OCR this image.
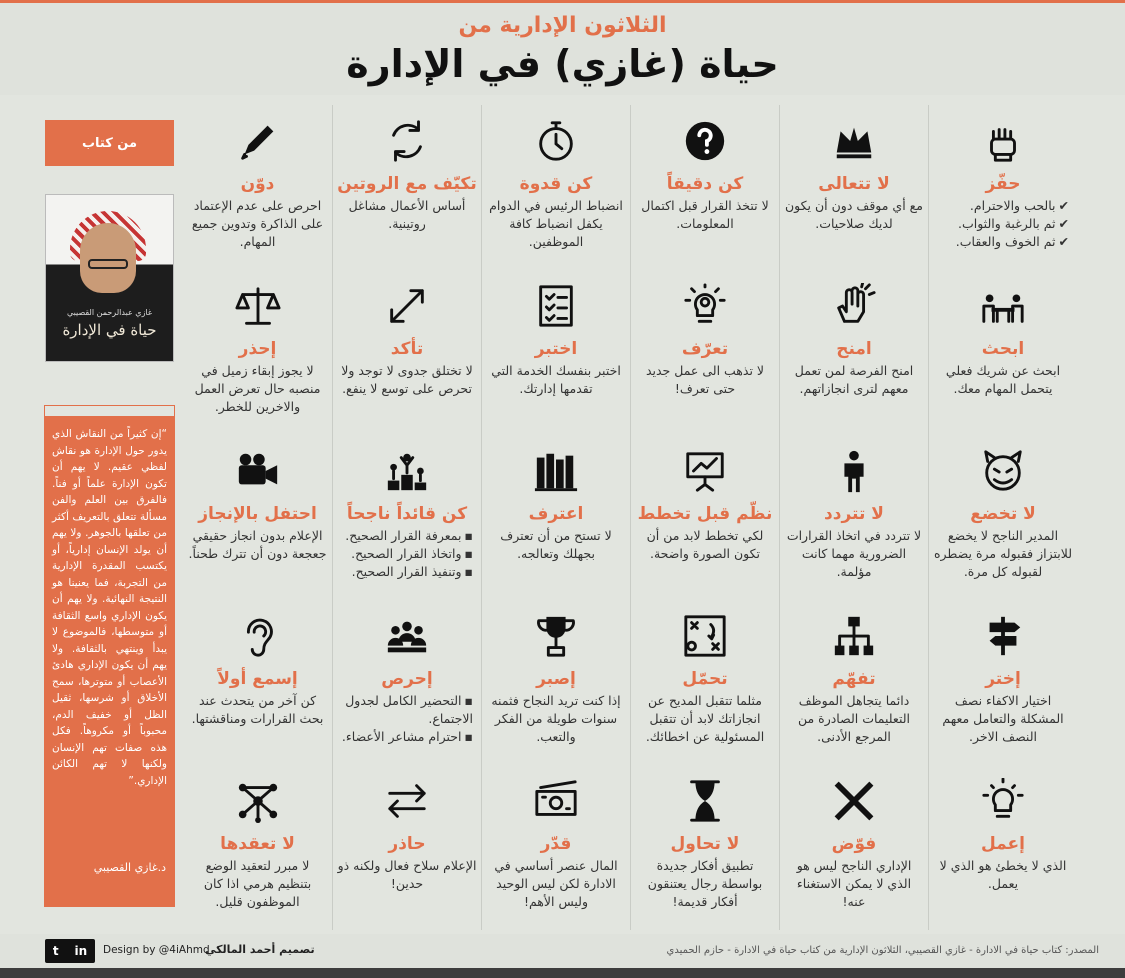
الثلاثون الإدارية من
حياة (غازي) في الإدارة
من كتاب
غازي عبدالرحمن القصيبي
حياة في الإدارة
“إن كثيراً من النقاش الذي يدور حول الإدارة هو نقاش لفظي عقيم. لا يهم أن تكون الإدارة علماً أو فناً. فالفرق بين العلم والفن مسألة تتعلق بالتعريف أكثر من تعلقها بالجوهر. ولا يهم أن يولد الإنسان إدارياً، أو يكتسب المقدرة الإدارية من التجربة، فما يعنينا هو النتيجة النهائية. ولا يهم أن يكون الإداري واسع الثقافة أو متوسطها، فالموضوع لا يبدأ وينتهي بالثقافة. ولا يهم أن يكون الإداري هادئ الأعصاب أو متوترها، سمح الأخلاق أو شرسها، ثقيل الظل أو خفيف الدم، محبوباً أو مكروهاً. فكل هذه صفات تهم الإنسان ولكنها لا تهم الكائن الإداري.”
د.غازي القصيبي
حفّز
✔ بالحب والاحترام.
✔ ثم بالرغبة والثواب.
✔ ثم الخوف والعقاب.
لا تتعالى
مع أي موقف دون أن يكون لديك صلاحيات.
كن دقيقاً
لا تتخذ القرار قبل اكتمال المعلومات.
كن قدوة
انضباط الرئيس في الدوام يكفل انضباط كافة الموظفين.
تكيّف مع الروتين
أساس الأعمال مشاغل روتينية.
دوّن
احرص على عدم الإعتماد على الذاكرة وتدوين جميع المهام.
ابحث
ابحث عن شريك فعلي يتحمل المهام معك.
امنح
امنح الفرصة لمن تعمل معهم لترى انجازاتهم.
تعرّف
لا تذهب الى عمل جديد حتى تعرف!
اختبر
اختبر بنفسك الخدمة التي تقدمها إدارتك.
تأكد
لا تختلق جدوى لا توجد ولا تحرص على توسع لا ينفع.
إحذر
لا يجوز إبقاء زميل في منصبه حال تعرض العمل والاخرين للخطر.
لا تخضع
المدير الناجح لا يخضع للابتزاز فقبوله مرة يضطره لقبوله كل مرة.
لا تتردد
لا تتردد في اتخاذ القرارات الضرورية مهما كانت مؤلمة.
نظّم قبل تخطط
لكي تخطط لابد من أن تكون الصورة واضحة.
اعترف
لا تستح من أن تعترف بجهلك وتعالجه.
كن قائداً ناجحاً
▪ بمعرفة القرار الصحيح.
▪ واتخاذ القرار الصحيح.
▪ وتنفيذ القرار الصحيح.
احتفل بالإنجاز
الإعلام بدون انجاز حقيقي جعجعة دون أن تترك طحناً.
إختر
اختيار الاكفاء نصف المشكلة والتعامل معهم النصف الاخر.
تفهّم
دائما يتجاهل الموظف التعليمات الصادرة من المرجع الأدنى.
تحمّل
مثلما تتقبل المديح عن انجازاتك لابد أن تتقبل المسئولية عن اخطائك.
إصبر
إذا كنت تريد النجاح فثمنه سنوات طويلة من الفكر والتعب.
إحرص
▪ التحضير الكامل لجدول الاجتماع.
▪ احترام مشاعر الأعضاء.
إسمع أولاً
كن آخر من يتحدث عند بحث القرارات ومناقشتها.
إعمل
الذي لا يخطئ هو الذي لا يعمل.
فوّض
الإداري الناجح ليس هو الذي لا يمكن الاستغناء عنه!
لا تحاول
تطبيق أفكار جديدة بواسطة رجال يعتنقون أفكار قديمة!
قدّر
المال عنصر أساسي في الادارة لكن ليس الوحيد وليس الأهم!
حاذر
الإعلام سلاح فعال ولكنه ذو حدين!
لا تعقدها
لا مبرر لتعقيد الوضع بتنظيم هرمي اذا كان الموظفون قليل.
المصدر: كتاب حياة في الادارة - غازي القصيبي، الثلاثون الإدارية من كتاب حياة في الادارة - حازم الحميدي
تصميم أحمد المالكي
Design by @4iAhmd
in
t
